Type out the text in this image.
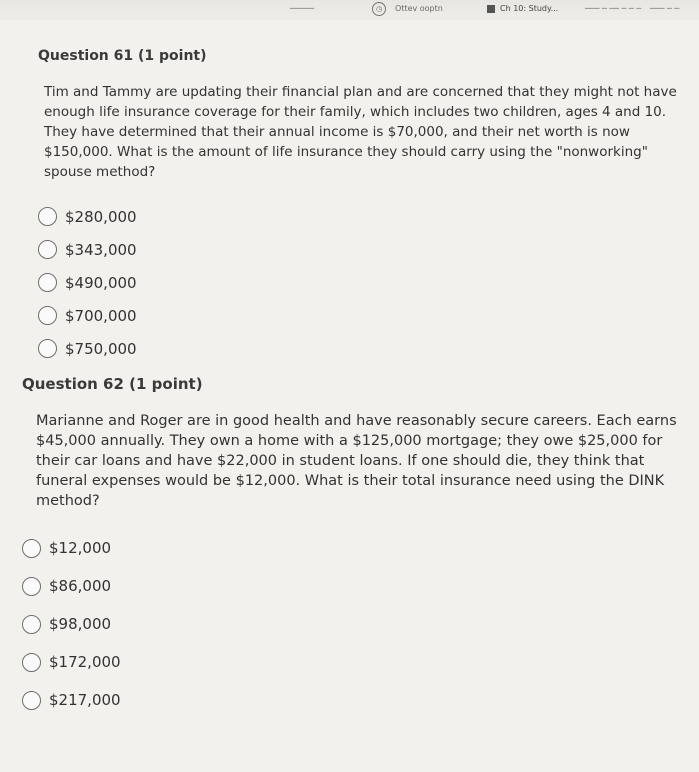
─────	◷	Ottev ooptn	Ch 10: Study...	─── ─ ── ─ ─ ─ ─── ─ ─
Question 61 (1 point)
Tim and Tammy are updating their financial plan and are concerned that they might not have enough life insurance coverage for their family, which includes two children, ages 4 and 10. They have determined that their annual income is $70,000, and their net worth is now $150,000. What is the amount of life insurance they should carry using the "nonworking" spouse method?
$280,000
$343,000
$490,000
$700,000
$750,000
Question 62 (1 point)
Marianne and Roger are in good health and have reasonably secure careers. Each earns $45,000 annually. They own a home with a $125,000 mortgage; they owe $25,000 for their car loans and have $22,000 in student loans. If one should die, they think that funeral expenses would be $12,000. What is their total insurance need using the DINK method?
$12,000
$86,000
$98,000
$172,000
$217,000
